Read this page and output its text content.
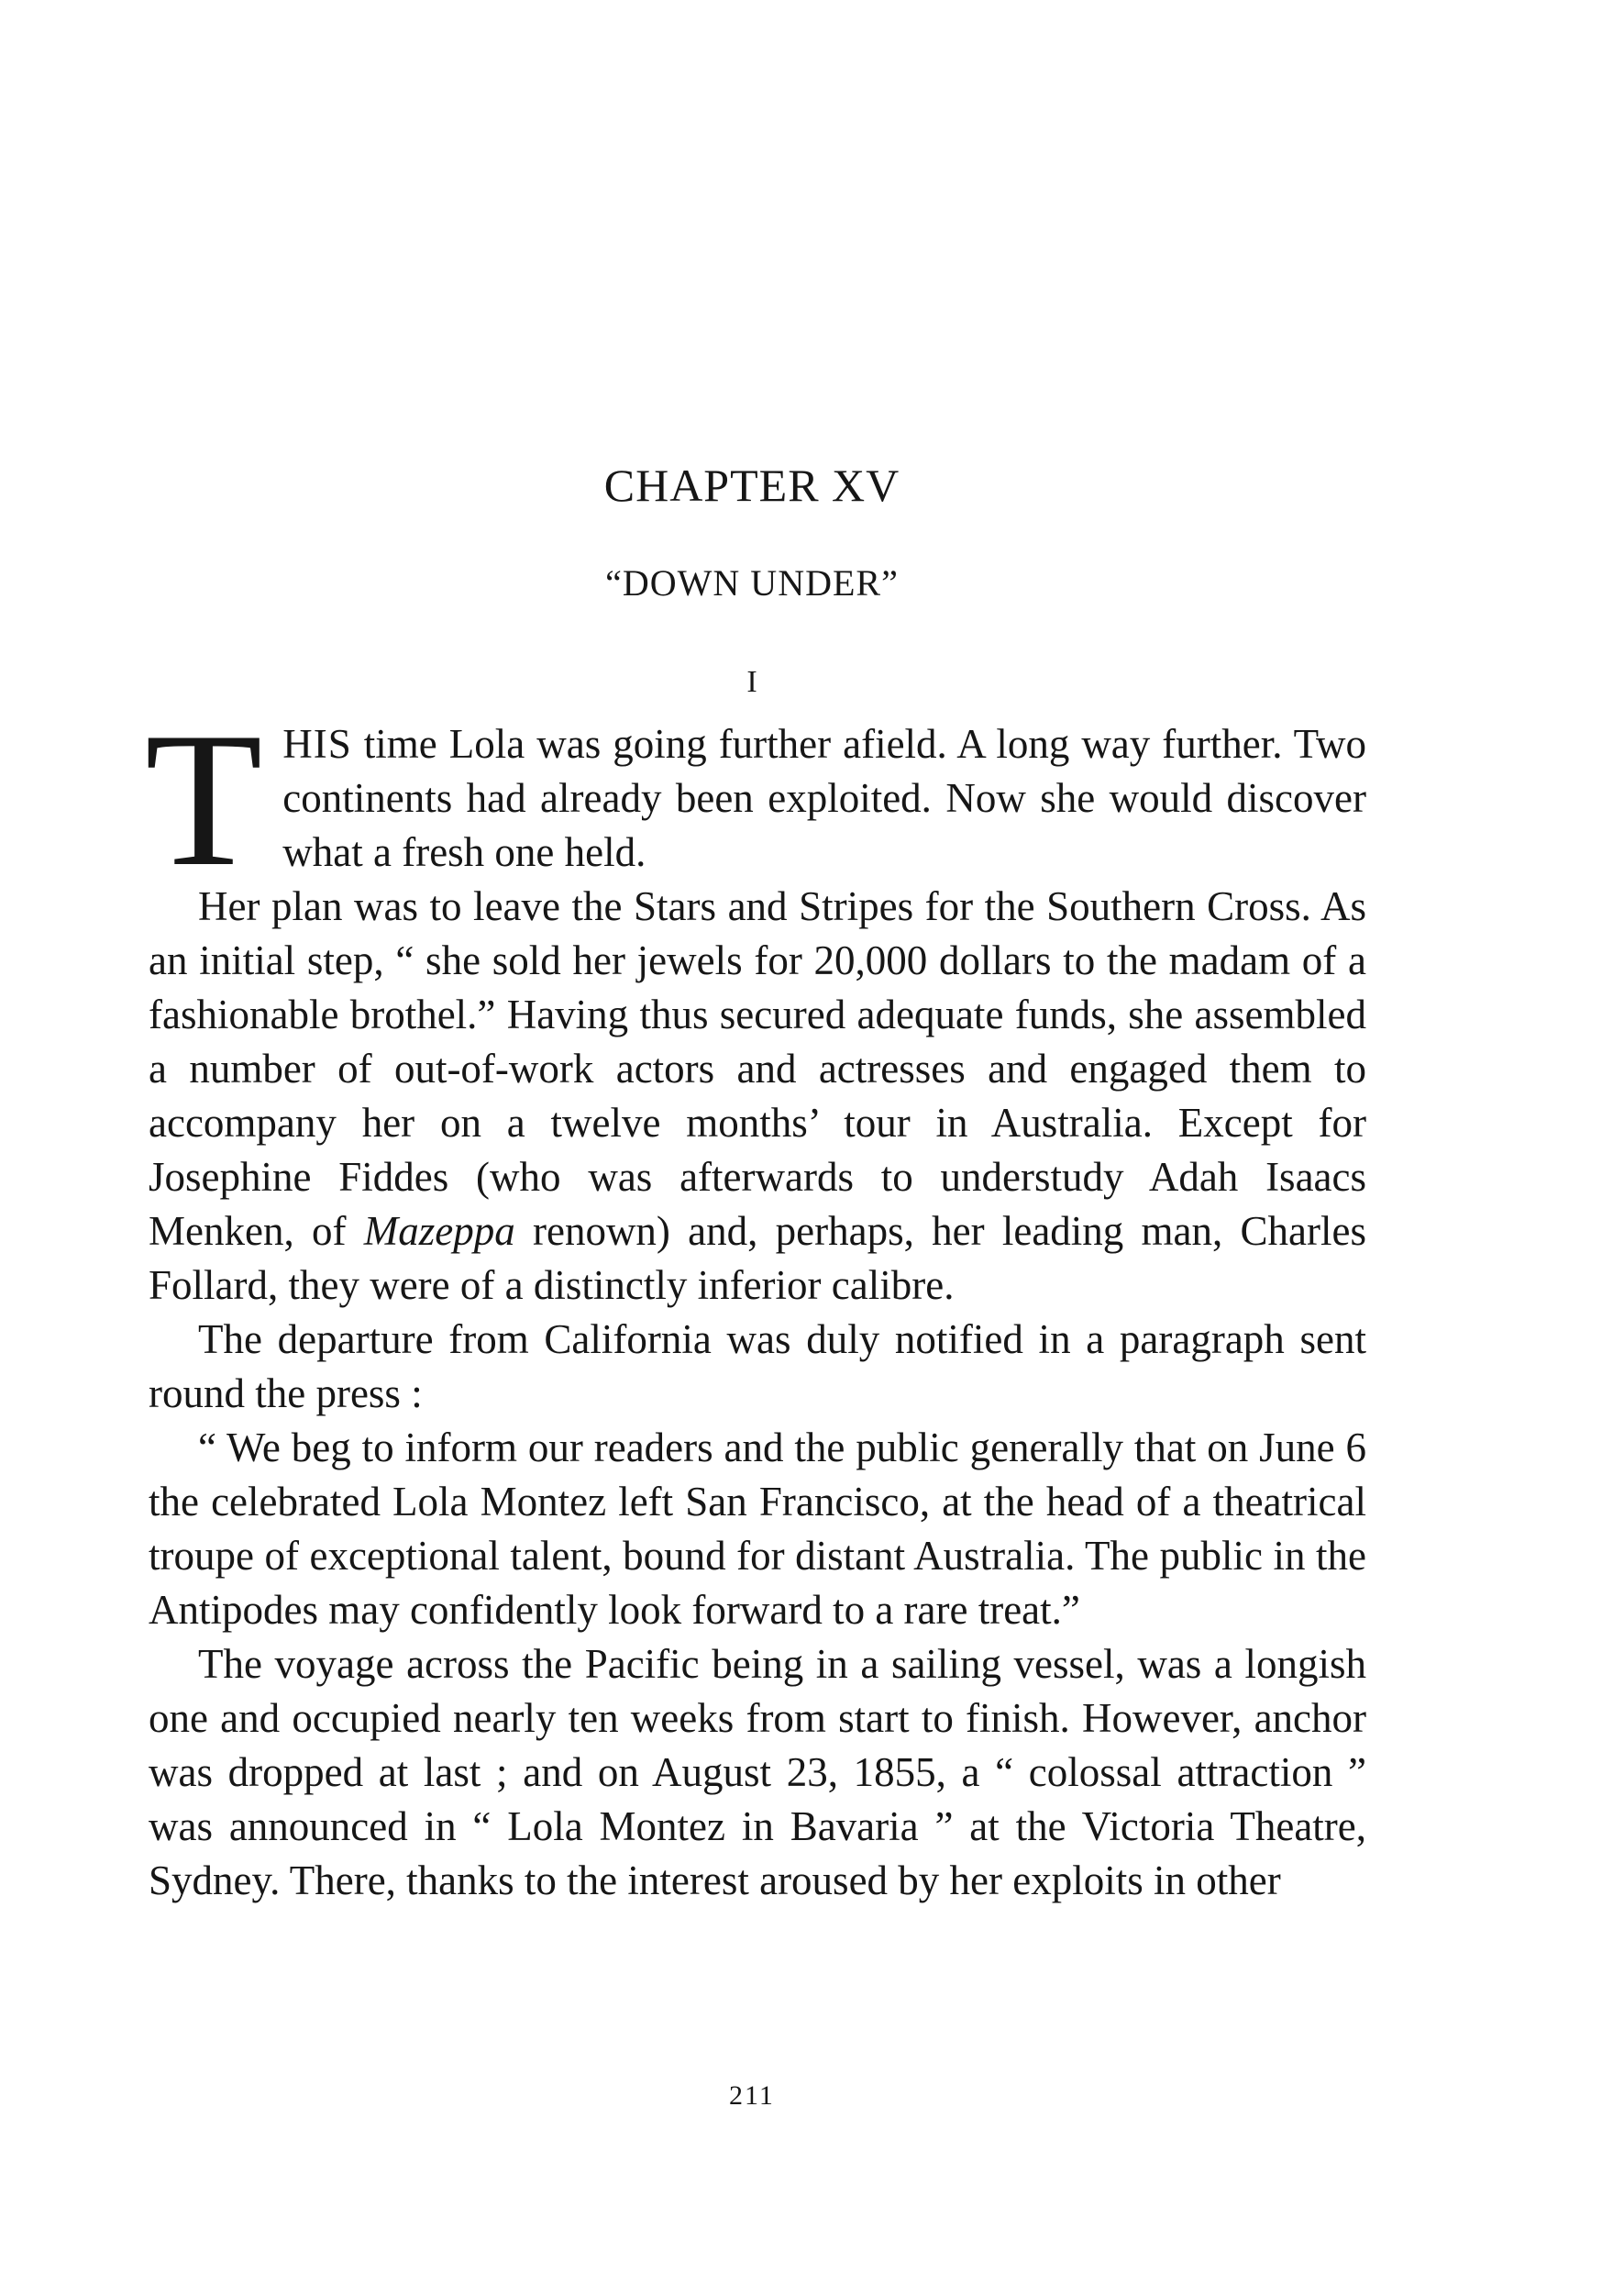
CHAPTER XV
“DOWN UNDER”
I

THIS time Lola was going further afield. A long way further. Two continents had already been exploited. Now she would discover what a fresh one held.

Her plan was to leave the Stars and Stripes for the Southern Cross. As an initial step, “ she sold her jewels for 20,000 dollars to the madam of a fashionable brothel.” Having thus secured adequate funds, she assembled a number of out-of-work actors and actresses and engaged them to accompany her on a twelve months’ tour in Australia. Except for Josephine Fiddes (who was afterwards to understudy Adah Isaacs Menken, of Mazeppa renown) and, perhaps, her leading man, Charles Follard, they were of a distinctly inferior calibre.

The departure from California was duly notified in a paragraph sent round the press :

“ We beg to inform our readers and the public generally that on June 6 the celebrated Lola Montez left San Francisco, at the head of a theatrical troupe of exceptional talent, bound for distant Australia. The public in the Antipodes may confidently look forward to a rare treat.”

The voyage across the Pacific being in a sailing vessel, was a longish one and occupied nearly ten weeks from start to finish. However, anchor was dropped at last ; and on August 23, 1855, a “ colossal attraction ” was announced in “ Lola Montez in Bavaria ” at the Victoria Theatre, Sydney. There, thanks to the interest aroused by her exploits in other

211
